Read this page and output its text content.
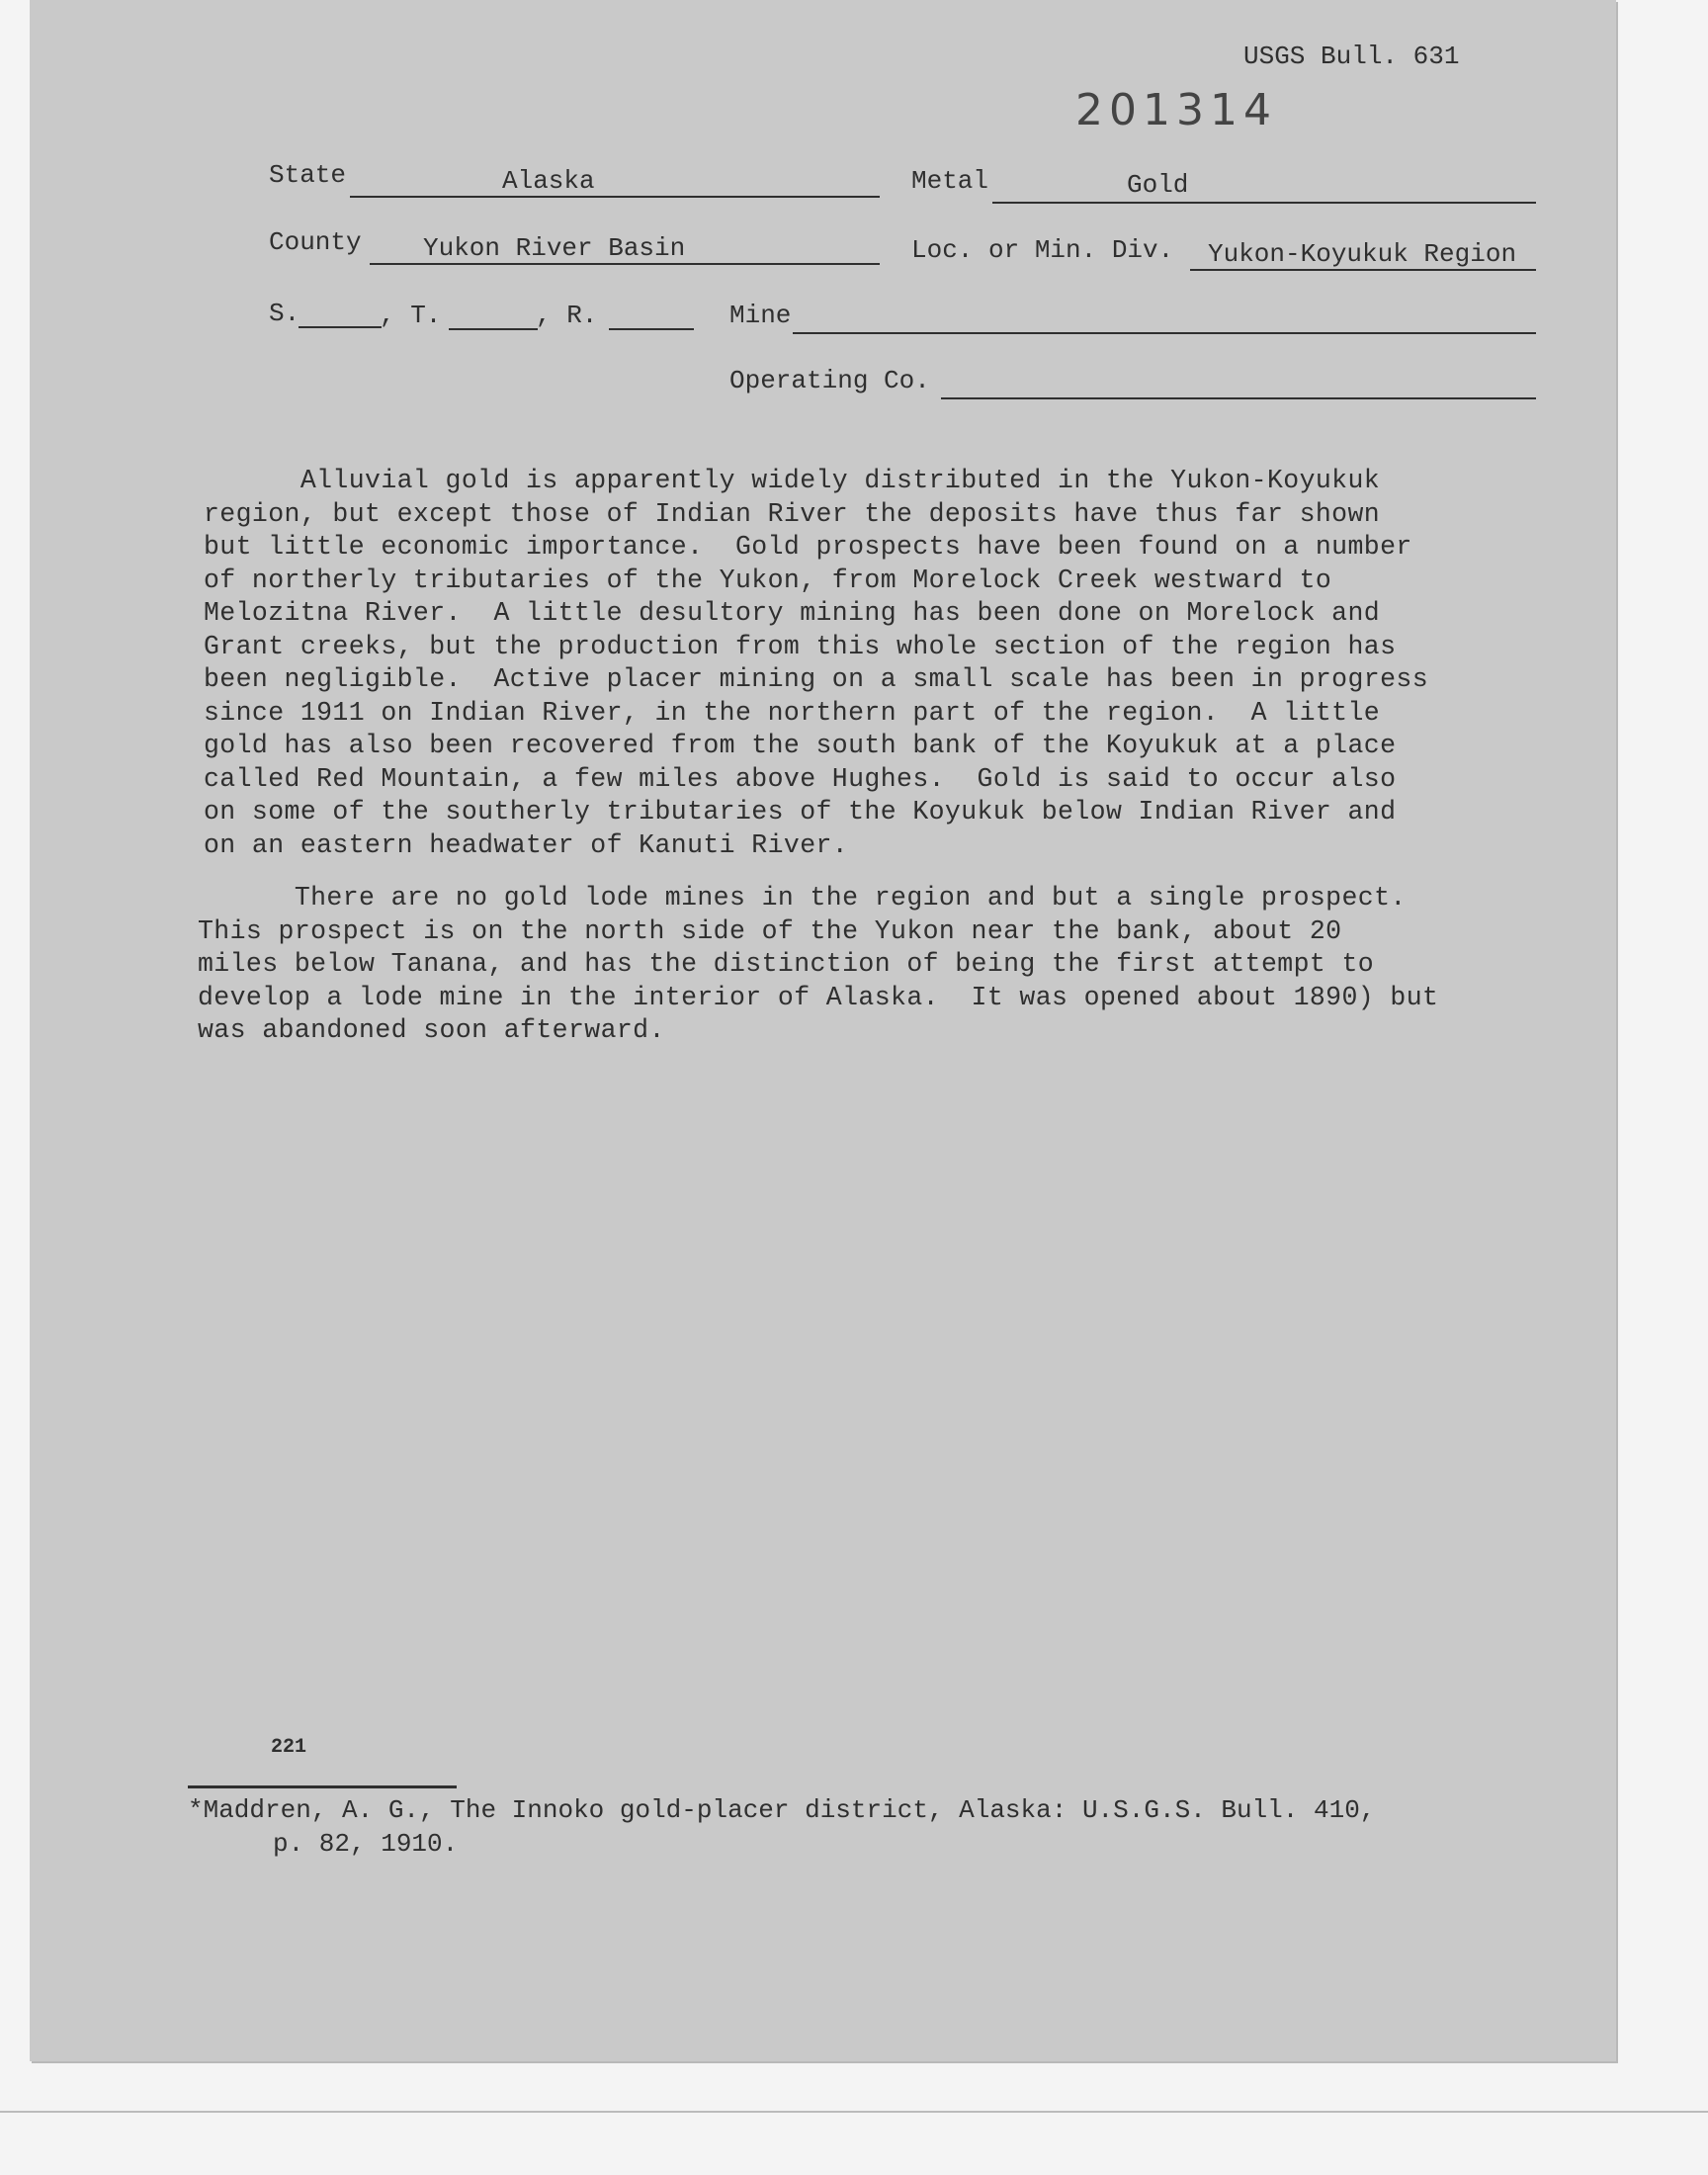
USGS Bull. 631
201314
State	Alaska	Metal	Gold
County Yukon River Basin	Loc. or Min. Div. Yukon-Koyukuk Region
S.	, T.	, R.	Mine
Operating Co.
Alluvial gold is apparently widely distributed in the Yukon-Koyukuk
region, but except those of Indian River the deposits have thus far shown
but little economic importance.  Gold prospects have been found on a number
of northerly tributaries of the Yukon, from Morelock Creek westward to
Melozitna River.  A little desultory mining has been done on Morelock and
Grant creeks, but the production from this whole section of the region has
been negligible.  Active placer mining on a small scale has been in progress
since 1911 on Indian River, in the northern part of the region.  A little
gold has also been recovered from the south bank of the Koyukuk at a place
called Red Mountain, a few miles above Hughes.  Gold is said to occur also
on some of the southerly tributaries of the Koyukuk below Indian River and
on an eastern headwater of Kanuti River.
There are no gold lode mines in the region and but a single prospect.
This prospect is on the north side of the Yukon near the bank, about 20
miles below Tanana, and has the distinction of being the first attempt to
develop a lode mine in the interior of Alaska.  It was opened about 1890) but
was abandoned soon afterward.
221
*Maddren, A. G., The Innoko gold-placer district, Alaska: U.S.G.S. Bull. 410,
p. 82, 1910.
